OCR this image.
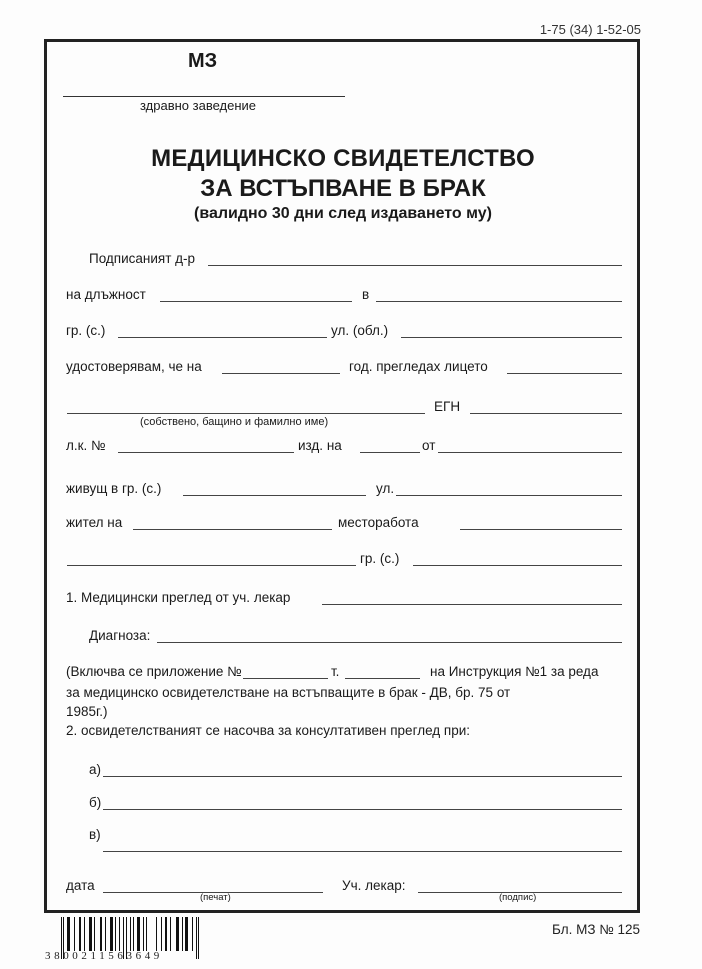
1-75 (34) 1-52-05
МЗ
здравно заведение
МЕДИЦИНСКО СВИДЕТЕЛСТВО
ЗА ВСТЪПВАНЕ В БРАК
(валидно 30 дни след издаването му)
Подписаният д-р
на длъжност	в
гр. (с.)	ул. (обл.)
удостоверявам, че на	год. прегледах лицето
ЕГН
(собствено, бащино и фамилно име)
л.к. №	изд. на	от
живущ в гр. (с.)	ул.
жител на	месторабота
гр. (с.)
1. Медицински преглед от уч. лекар
Диагноза:
(Включва се приложение №	т.	на Инструкция №1 за реда
за медицинско освидетелстване на встъпващите в брак - ДВ, бр. 75 от
1985г.)
2. освидетелстваният се насочва за консултативен преглед при:
а)
б)
в)
дата	Уч. лекар:
(печат)	(подпис)
3800211563649
Бл. МЗ № 125
